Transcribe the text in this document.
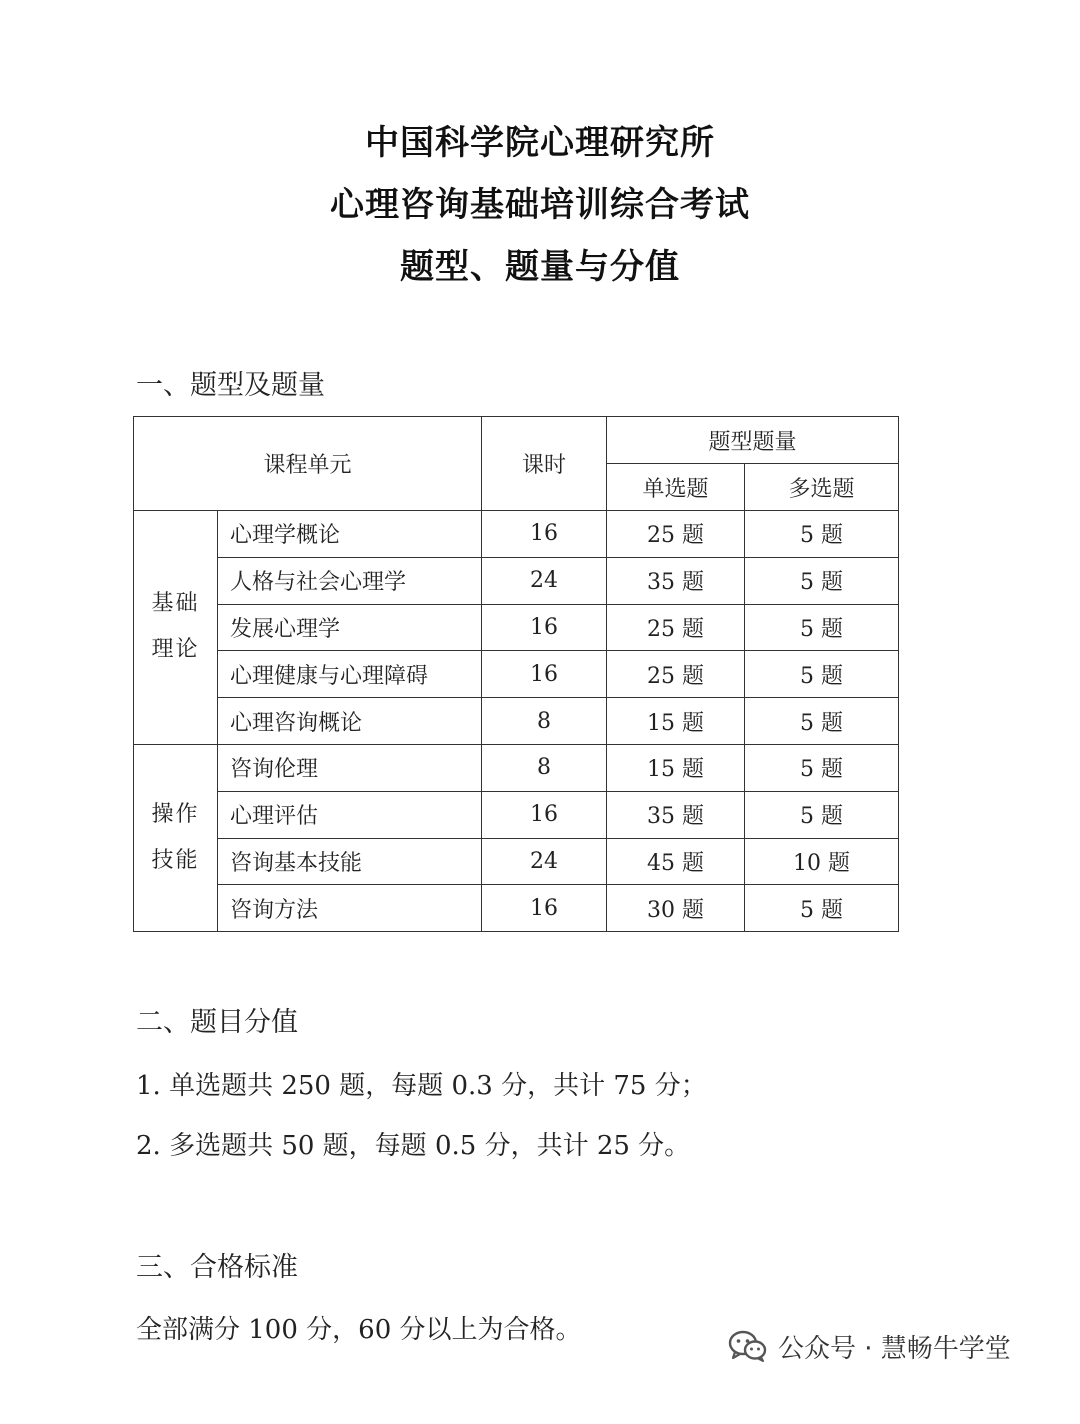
中国科学院心理研究所
心理咨询基础培训综合考试
题型、题量与分值
一、题型及题量
课程单元		课时	题型题量	
			单选题	多选题
基础理论	心理学概论	16	25 题	5 题
	人格与社会心理学	24	35 题	5 题
	发展心理学	16	25 题	5 题
	心理健康与心理障碍	16	25 题	5 题
	心理咨询概论	8	15 题	5 题
操作技能	咨询伦理	8	15 题	5 题
	心理评估	16	35 题	5 题
	咨询基本技能	24	45 题	10 题
	咨询方法	16	30 题	5 题
二、题目分值
1. 单选题共 250 题，每题 0.3 分，共计 75 分；
2. 多选题共 50 题，每题 0.5 分，共计 25 分。
三、合格标准
全部满分 100 分，60 分以上为合格。
公众号 · 慧畅牛学堂
